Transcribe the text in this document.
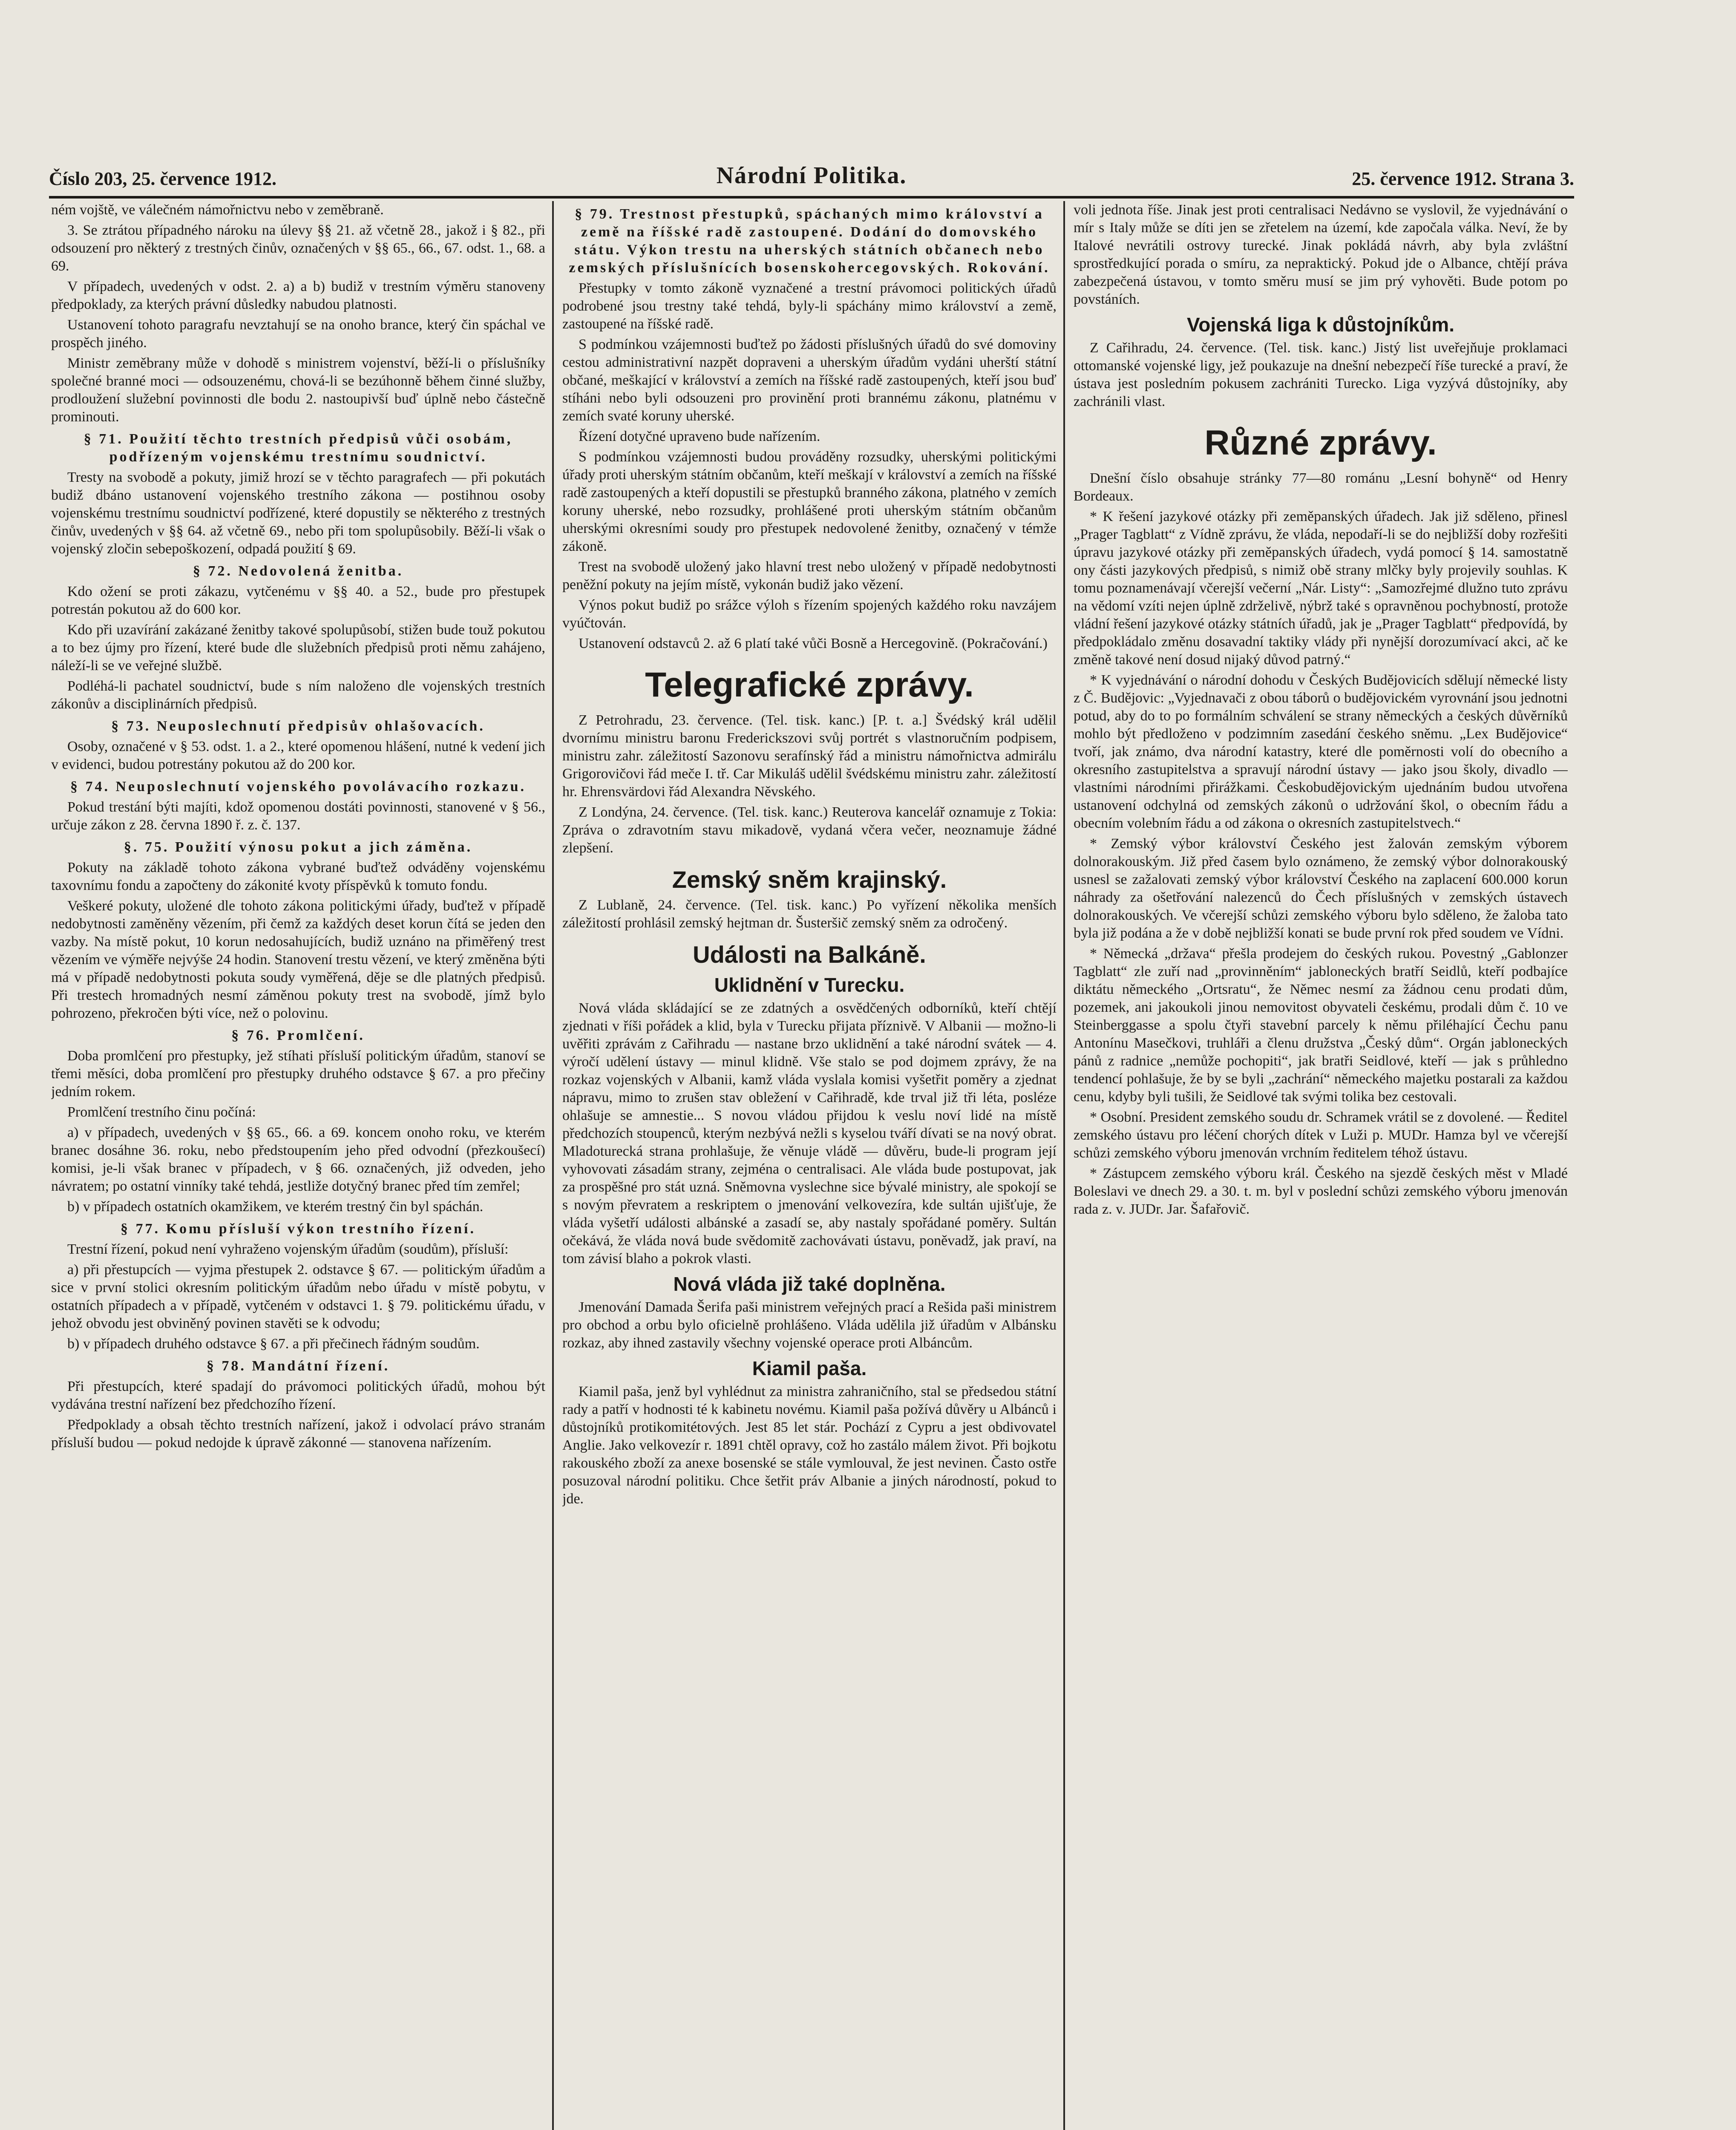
Číslo 203, 25. července 1912.	Národní Politika.	25. července 1912. Strana 3.

ném vojště, ve válečném námořnictvu nebo v zeměbraně.

3. Se ztrátou případného nároku na úlevy §§ 21. až včetně 28., jakož i § 82., při odsouzení pro některý z trestných činův, označených v §§ 65., 66., 67. odst. 1., 68. a 69.

V případech, uvedených v odst. 2. a) a b) budiž v trestním výměru stanoveny předpoklady, za kterých právní důsledky nabudou platnosti.

Ustanovení tohoto paragrafu nevztahují se na onoho brance, který čin spáchal ve prospěch jiného.

Ministr zeměbrany může v dohodě s ministrem vojenství, běží-li o příslušníky společné branné moci — odsouzenému, chová-li se bezúhonně během činné služby, prodloužení služební povinnosti dle bodu 2. nastoupivší buď úplně nebo částečně prominouti.

§ 71. Použití těchto trestních předpisů vůči osobám, podřízeným vojenskému trestnímu soudnictví.

Tresty na svobodě a pokuty, jimiž hrozí se v těchto paragrafech — při pokutách budiž dbáno ustanovení vojenského trestního zákona — postihnou osoby vojenskému trestnímu soudnictví podřízené, které dopustily se některého z trestných činův, uvedených v §§ 64. až včetně 69., nebo při tom spolupůsobily. Běží-li však o vojenský zločin sebepoškození, odpadá použití § 69.

§ 72. Nedovolená ženitba.

Kdo ožení se proti zákazu, vytčenému v §§ 40. a 52., bude pro přestupek potrestán pokutou až do 600 kor.

Kdo při uzavírání zakázané ženitby takové spolupůsobí, stižen bude touž pokutou a to bez újmy pro řízení, které bude dle služebních předpisů proti němu zahájeno, náleží-li se ve veřejné službě.

Podléhá-li pachatel soudnictví, bude s ním naloženo dle vojenských trestních zákonův a disciplinárních předpisů.

§ 73. Neuposlechnutí předpisův ohlašovacích.

Osoby, označené v § 53. odst. 1. a 2., které opomenou hlášení, nutné k vedení jich v evidenci, budou potrestány pokutou až do 200 kor.

§ 74. Neuposlechnutí vojenského povolávacího rozkazu.

Pokud trestání býti majíti, kdož opomenou dostáti povinnosti, stanovené v § 56., určuje zákon z 28. června 1890 ř. z. č. 137.

§. 75. Použití výnosu pokut a jich záměna.

Pokuty na základě tohoto zákona vybrané buďtež odváděny vojenskému taxovnímu fondu a započteny do zákonité kvoty příspěvků k tomuto fondu.

Veškeré pokuty, uložené dle tohoto zákona politickými úřady, buďtež v případě nedobytnosti zaměněny vězením, při čemž za každých deset korun čítá se jeden den vazby. Na místě pokut, 10 korun nedosahujících, budiž uznáno na přiměřený trest vězením ve výměře nejvýše 24 hodin. Stanovení trestu vězení, ve který změněna býti má v případě nedobytnosti pokuta soudy vyměřená, děje se dle platných předpisů. Při trestech hromadných nesmí záměnou pokuty trest na svobodě, jímž bylo pohrozeno, překročen býti více, než o polovinu.

§ 76. Promlčení.

Doba promlčení pro přestupky, jež stíhati přísluší politickým úřadům, stanoví se třemi měsíci, doba promlčení pro přestupky druhého odstavce § 67. a pro přečiny jedním rokem.

Promlčení trestního činu počíná:

a) v případech, uvedených v §§ 65., 66. a 69. koncem onoho roku, ve kterém branec dosáhne 36. roku, nebo předstoupením jeho před odvodní (přezkoušecí) komisi, je-li však branec v případech, v § 66. označených, již odveden, jeho návratem; po ostatní vinníky také tehdá, jestliže dotyčný branec před tím zemřel;

b) v případech ostatních okamžikem, ve kterém trestný čin byl spáchán.

§ 77. Komu přísluší výkon trestního řízení.

Trestní řízení, pokud není vyhraženo vojenským úřadům (soudům), přísluší:

a) při přestupcích — vyjma přestupek 2. odstavce § 67. — politickým úřadům a sice v první stolici okresním politickým úřadům nebo úřadu v místě pobytu, v ostatních případech a v případě, vytčeném v odstavci 1. § 79. politickému úřadu, v jehož obvodu jest obviněný povinen stavěti se k odvodu;

b) v případech druhého odstavce § 67. a při přečinech řádným soudům.

§ 78. Mandátní řízení.

Při přestupcích, které spadají do právomoci politických úřadů, mohou být vydávána trestní nařízení bez předchozího řízení.

Předpoklady a obsah těchto trestních nařízení, jakož i odvolací právo stranám přísluší budou — pokud nedojde k úpravě zákonné — stanovena nařízením.

§ 79. Trestnost přestupků, spáchaných mimo království a země na říšské radě zastoupené. Dodání do domovského státu. Výkon trestu na uherských státních občanech nebo zemských příslušnících bosenskohercegovských. Rokování.

Přestupky v tomto zákoně vyznačené a trestní právomoci politických úřadů podrobené jsou trestny také tehdá, byly-li spáchány mimo království a země, zastoupené na říšské radě.

S podmínkou vzájemnosti buďtež po žádosti příslušných úřadů do své domoviny cestou administrativní nazpět dopraveni a uherským úřadům vydáni uherští státní občané, meškající v království a zemích na říšské radě zastoupených, kteří jsou buď stíháni nebo byli odsouzeni pro provinění proti brannému zákonu, platnému v zemích svaté koruny uherské.

Řízení dotyčné upraveno bude nařízením.

S podmínkou vzájemnosti budou prováděny rozsudky, uherskými politickými úřady proti uherským státním občanům, kteří meškají v království a zemích na říšské radě zastoupených a kteří dopustili se přestupků branného zákona, platného v zemích koruny uherské, nebo rozsudky, prohlášené proti uherským státním občanům uherskými okresními soudy pro přestupek nedovolené ženitby, označený v témže zákoně.

Trest na svobodě uložený jako hlavní trest nebo uložený v případě nedobytnosti peněžní pokuty na jejím místě, vykonán budiž jako vězení.

Výnos pokut budiž po srážce výloh s řízením spojených každého roku navzájem vyúčtován.

Ustanovení odstavců 2. až 6 platí také vůči Bosně a Hercegovině. (Pokračování.)

Telegrafické zprávy.

Z Petrohradu, 23. července. (Tel. tisk. kanc.) [P. t. a.] Švédský král udělil dvornímu ministru baronu Frederickszovi svůj portrét s vlastnoručním podpisem, ministru zahr. záležitostí Sazonovu serafínský řád a ministru námořnictva admirálu Grigorovičovi řád meče I. tř. Car Mikuláš udělil švédskému ministru zahr. záležitostí hr. Ehrensvärdovi řád Alexandra Něvského.

Z Londýna, 24. července. (Tel. tisk. kanc.) Reuterova kancelář oznamuje z Tokia: Zpráva o zdravotním stavu mikadově, vydaná včera večer, neoznamuje žádné zlepšení.

Zemský sněm krajinský.

Z Lublaně, 24. července. (Tel. tisk. kanc.) Po vyřízení několika menších záležitostí prohlásil zemský hejtman dr. Šusteršič zemský sněm za odročený.

Události na Balkáně.
Uklidnění v Turecku.

Nová vláda skládající se ze zdatných a osvědčených odborníků, kteří chtějí zjednati v říši pořádek a klid, byla v Turecku přijata příznivě. V Albanii — možno-li uvěřiti zprávám z Cařihradu — nastane brzo uklidnění a také národní svátek — 4. výročí udělení ústavy — minul klidně. Vše stalo se pod dojmem zprávy, že na rozkaz vojenských v Albanii, kamž vláda vyslala komisi vyšetřit poměry a zjednat nápravu, mimo to zrušen stav obležení v Cařihradě, kde trval již tři léta, posléze ohlašuje se amnestie... S novou vládou přijdou k veslu noví lidé na místě předchozích stoupenců, kterým nezbývá nežli s kyselou tváří dívati se na nový obrat. Mladoturecká strana prohlašuje, že věnuje vládě — důvěru, bude-li program její vyhovovati zásadám strany, zejména o centralisaci. Ale vláda bude postupovat, jak za prospěšné pro stát uzná. Sněmovna vyslechne sice bývalé ministry, ale spokojí se s novým převratem a reskriptem o jmenování velkovezíra, kde sultán ujišťuje, že vláda vyšetří události albánské a zasadí se, aby nastaly spořádané poměry. Sultán očekává, že vláda nová bude svědomitě zachovávati ústavu, poněvadž, jak praví, na tom závisí blaho a pokrok vlasti.

Nová vláda již také doplněna.

Jmenování Damada Šerifa paši ministrem veřejných prací a Rešida paši ministrem pro obchod a orbu bylo oficielně prohlášeno. Vláda udělila již úřadům v Albánsku rozkaz, aby ihned zastavily všechny vojenské operace proti Albáncům.

Kiamil paša.

Kiamil paša, jenž byl vyhlédnut za ministra zahraničního, stal se předsedou státní rady a patří v hodnosti té k kabinetu novému. Kiamil paša požívá důvěry u Albánců i důstojníků protikomitétových. Jest 85 let stár. Pochází z Cypru a jest obdivovatel Anglie. Jako velkovezír r. 1891 chtěl opravy, což ho zastálo málem život. Při bojkotu rakouského zboží za anexe bosenské se stále vymlouval, že jest nevinen. Často ostře posuzoval národní politiku. Chce šetřit práv Albanie a jiných národností, pokud to jde.

voli jednota říše. Jinak jest proti centralisaci Nedávno se vyslovil, že vyjednávání o mír s Italy může se díti jen se zřetelem na území, kde započala válka. Neví, že by Italové nevrátili ostrovy turecké. Jinak pokládá návrh, aby byla zvláštní sprostředkující porada o smíru, za nepraktický. Pokud jde o Albance, chtějí práva zabezpečená ústavou, v tomto směru musí se jim prý vyhověti. Bude potom po povstáních.

Vojenská liga k důstojníkům.

Z Cařihradu, 24. července. (Tel. tisk. kanc.) Jistý list uveřejňuje proklamaci ottomanské vojenské ligy, jež poukazuje na dnešní nebezpečí říše turecké a praví, že ústava jest posledním pokusem zachrániti Turecko. Liga vyzývá důstojníky, aby zachránili vlast.

Různé zprávy.

Dnešní číslo obsahuje stránky 77—80 románu „Lesní bohyně“ od Henry Bordeaux.

* K řešení jazykové otázky při zeměpanských úřadech. Jak již sděleno, přinesl „Prager Tagblatt“ z Vídně zprávu, že vláda, nepodaří-li se do nejbližší doby rozřešiti úpravu jazykové otázky při zeměpanských úřadech, vydá pomocí § 14. samostatně ony části jazykových předpisů, s nimiž obě strany mlčky byly projevily souhlas. K tomu poznamenávají včerejší večerní „Nár. Listy“: „Samozřejmé dlužno tuto zprávu na vědomí vzíti nejen úplně zdrželivě, nýbrž také s opravněnou pochybností, protože vládní řešení jazykové otázky státních úřadů, jak je „Prager Tagblatt“ předpovídá, by předpokládalo změnu dosavadní taktiky vlády při nynější dorozumívací akci, ač ke změně takové není dosud nijaký důvod patrný.“

* K vyjednávání o národní dohodu v Českých Budějovicích sdělují německé listy z Č. Budějovic: „Vyjednavači z obou táborů o budějovickém vyrovnání jsou jednotni potud, aby do to po formálním schválení se strany německých a českých důvěrníků mohlo být předloženo v podzimním zasedání českého sněmu. „Lex Budějovice“ tvoří, jak známo, dva národní katastry, které dle poměrnosti volí do obecního a okresního zastupitelstva a spravují národní ústavy — jako jsou školy, divadlo — vlastními národními přirážkami. Českobudějovickým ujednáním budou utvořena ustanovení odchylná od zemských zákonů o udržování škol, o obecním řádu a obecním volebním řádu a od zákona o okresních zastupitelstvech.“

* Zemský výbor království Českého jest žalován zemským výborem dolnorakouským. Již před časem bylo oznámeno, že zemský výbor dolnorakouský usnesl se zažalovati zemský výbor království Českého na zaplacení 600.000 korun náhrady za ošetřování nalezenců do Čech příslušných v zemských ústavech dolnorakouských. Ve včerejší schůzi zemského výboru bylo sděleno, že žaloba tato byla již podána a že v době nejbližší konati se bude první rok před soudem ve Vídni.

* Německá „državа“ přešla prodejem do českých rukou. Povestný „Gablonzer Tagblatt“ zle zuří nad „provinněním“ jabloneckých bratří Seidlů, kteří podbajíce diktátu německého „Ortsratu“, že Němec nesmí za žádnou cenu prodati dům, pozemek, ani jakoukoli jinou nemovitost obyvateli českému, prodali dům č. 10 ve Steinberggasse a spolu čtyři stavební parcely k němu přiléhající Čechu panu Antonínu Masečkovi, truhláři a členu družstva „Český dům“. Orgán jabloneckých pánů z radnice „nemůže pochopiti“, jak bratři Seidlové, kteří — jak s průhledno tendencí pohlašuje, že by se byli „zachrání“ německého majetku postarali za každou cenu, kdyby byli tušili, že Seidlové tak svými tolika bez cestovali.

* Osobní. President zemského soudu dr. Schramek vrátil se z dovolené. — Ředitel zemského ústavu pro léčení chorých dítek v Luži p. MUDr. Hamza byl ve včerejší schůzi zemského výboru jmenován vrchním ředitelem téhož ústavu.

* Zástupcem zemského výboru král. Českého na sjezdě českých měst v Mladé Boleslavi ve dnech 29. a 30. t. m. byl v poslední schůzi zemského výboru jmenován rada z. v. JUDr. Jar. Šafařovič.
